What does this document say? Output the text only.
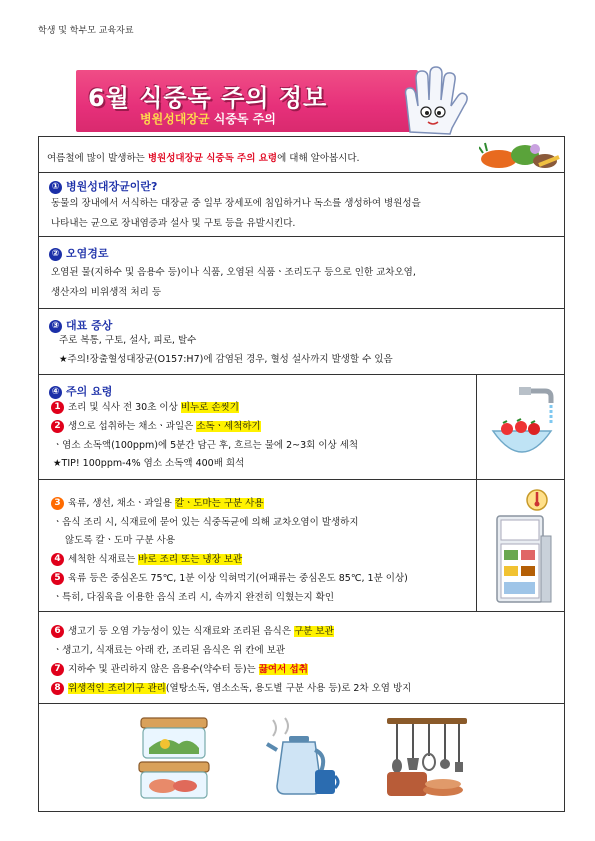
학생 및 학부모 교육자료
6월 식중독 주의 정보
병원성대장균 식중독 주의
여름철에 많이 발생하는 병원성대장균 식중독 주의 요령에 대해 알아봅시다.
① 병원성대장균이란?
동물의 장내에서 서식하는 대장균 중 일부 장세포에 침입하거나 독소를 생성하여 병원성을
나타내는 균으로 장내염증과 설사 및 구토 등을 유발시킨다.
② 오염경로
오염된 물(지하수 및 음용수 등)이나 식품, 오염된 식품ㆍ조리도구 등으로 인한 교차오염,
생산자의 비위생적 처리 등
③ 대표 증상
주로 복통, 구토, 설사, 피로, 탈수
★주의!장출혈성대장균(O157:H7)에 감염된 경우, 혈성 설사까지 발생할 수 있음
④ 주의 요령
1 조리 및 식사 전 30초 이상 비누로 손씻기
2 생으로 섭취하는 채소ㆍ과일은 소독ㆍ세척하기
ㆍ염소 소독액(100ppm)에 5분간 담근 후, 흐르는 물에 2~3회 이상 세척
★TIP! 100ppm-4% 염소 소독액 400배 희석
3 육류, 생선, 채소ㆍ과일용 칼ㆍ도마는 구분 사용
ㆍ음식 조리 시, 식재료에 묻어 있는 식중독균에 의해 교차오염이 발생하지
않도록 칼ㆍ도마 구분 사용
4 세척한 식재료는 바로 조리 또는 냉장 보관
5 육류 등은 중심온도 75℃, 1분 이상 익혀먹기(어패류는 중심온도 85℃, 1분 이상)
ㆍ특히, 다짐육을 이용한 음식 조리 시, 속까지 완전히 익혔는지 확인
6 생고기 등 오염 가능성이 있는 식재료와 조리된 음식은 구분 보관
ㆍ생고기, 식재료는 아래 칸, 조리된 음식은 위 칸에 보관
7 지하수 및 관리하지 않은 음용수(약수터 등)는 끓여서 섭취
8 위생적인 조리기구 관리(열탕소독, 염소소독, 용도별 구분 사용 등)로 2차 오염 방지
